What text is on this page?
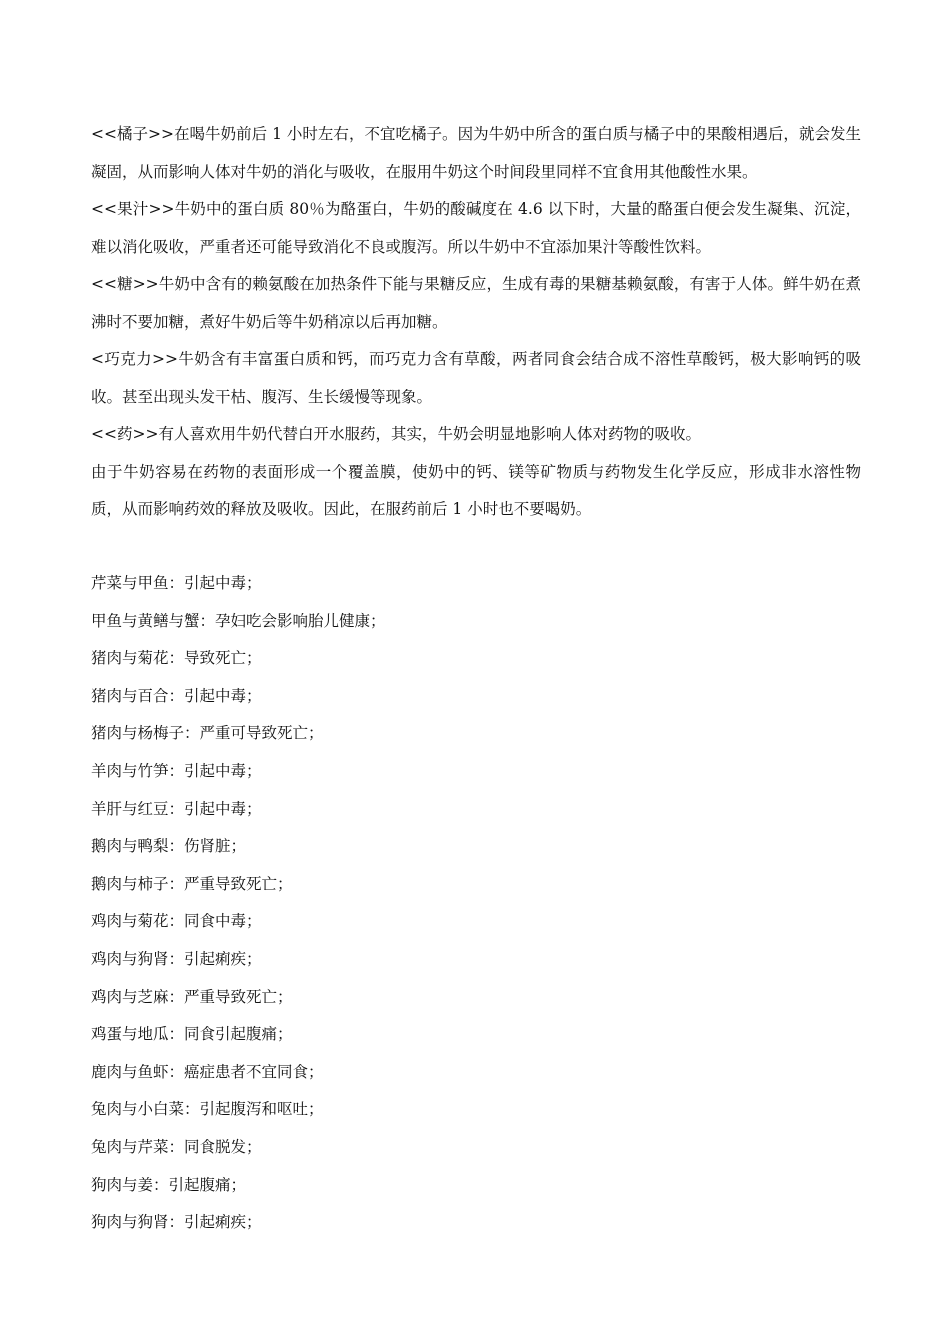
<<橘子>>在喝牛奶前后 1 小时左右，不宜吃橘子。因为牛奶中所含的蛋白质与橘子中的果酸相遇后，就会发生凝固，从而影响人体对牛奶的消化与吸收，在服用牛奶这个时间段里同样不宜食用其他酸性水果。

<<果汁>>牛奶中的蛋白质 80％为酪蛋白，牛奶的酸碱度在 4.6 以下时，大量的酪蛋白便会发生凝集、沉淀，难以消化吸收，严重者还可能导致消化不良或腹泻。所以牛奶中不宜添加果汁等酸性饮料。

<<糖>>牛奶中含有的赖氨酸在加热条件下能与果糖反应，生成有毒的果糖基赖氨酸，有害于人体。鲜牛奶在煮沸时不要加糖，煮好牛奶后等牛奶稍凉以后再加糖。

<巧克力>>牛奶含有丰富蛋白质和钙，而巧克力含有草酸，两者同食会结合成不溶性草酸钙，极大影响钙的吸收。甚至出现头发干枯、腹泻、生长缓慢等现象。

<<药>>有人喜欢用牛奶代替白开水服药，其实，牛奶会明显地影响人体对药物的吸收。

由于牛奶容易在药物的表面形成一个覆盖膜，使奶中的钙、镁等矿物质与药物发生化学反应，形成非水溶性物质，从而影响药效的释放及吸收。因此，在服药前后 1 小时也不要喝奶。

芹菜与甲鱼：引起中毒；
甲鱼与黄鳝与蟹：孕妇吃会影响胎儿健康；
猪肉与菊花：导致死亡；
猪肉与百合：引起中毒；
猪肉与杨梅子：严重可导致死亡；
羊肉与竹笋：引起中毒；
羊肝与红豆：引起中毒；
鹅肉与鸭梨：伤肾脏；
鹅肉与柿子：严重导致死亡；
鸡肉与菊花：同食中毒；
鸡肉与狗肾：引起痢疾；
鸡肉与芝麻：严重导致死亡；
鸡蛋与地瓜：同食引起腹痛；
鹿肉与鱼虾：癌症患者不宜同食；
兔肉与小白菜：引起腹泻和呕吐；
兔肉与芹菜：同食脱发；
狗肉与姜：引起腹痛；
狗肉与狗肾：引起痢疾；
